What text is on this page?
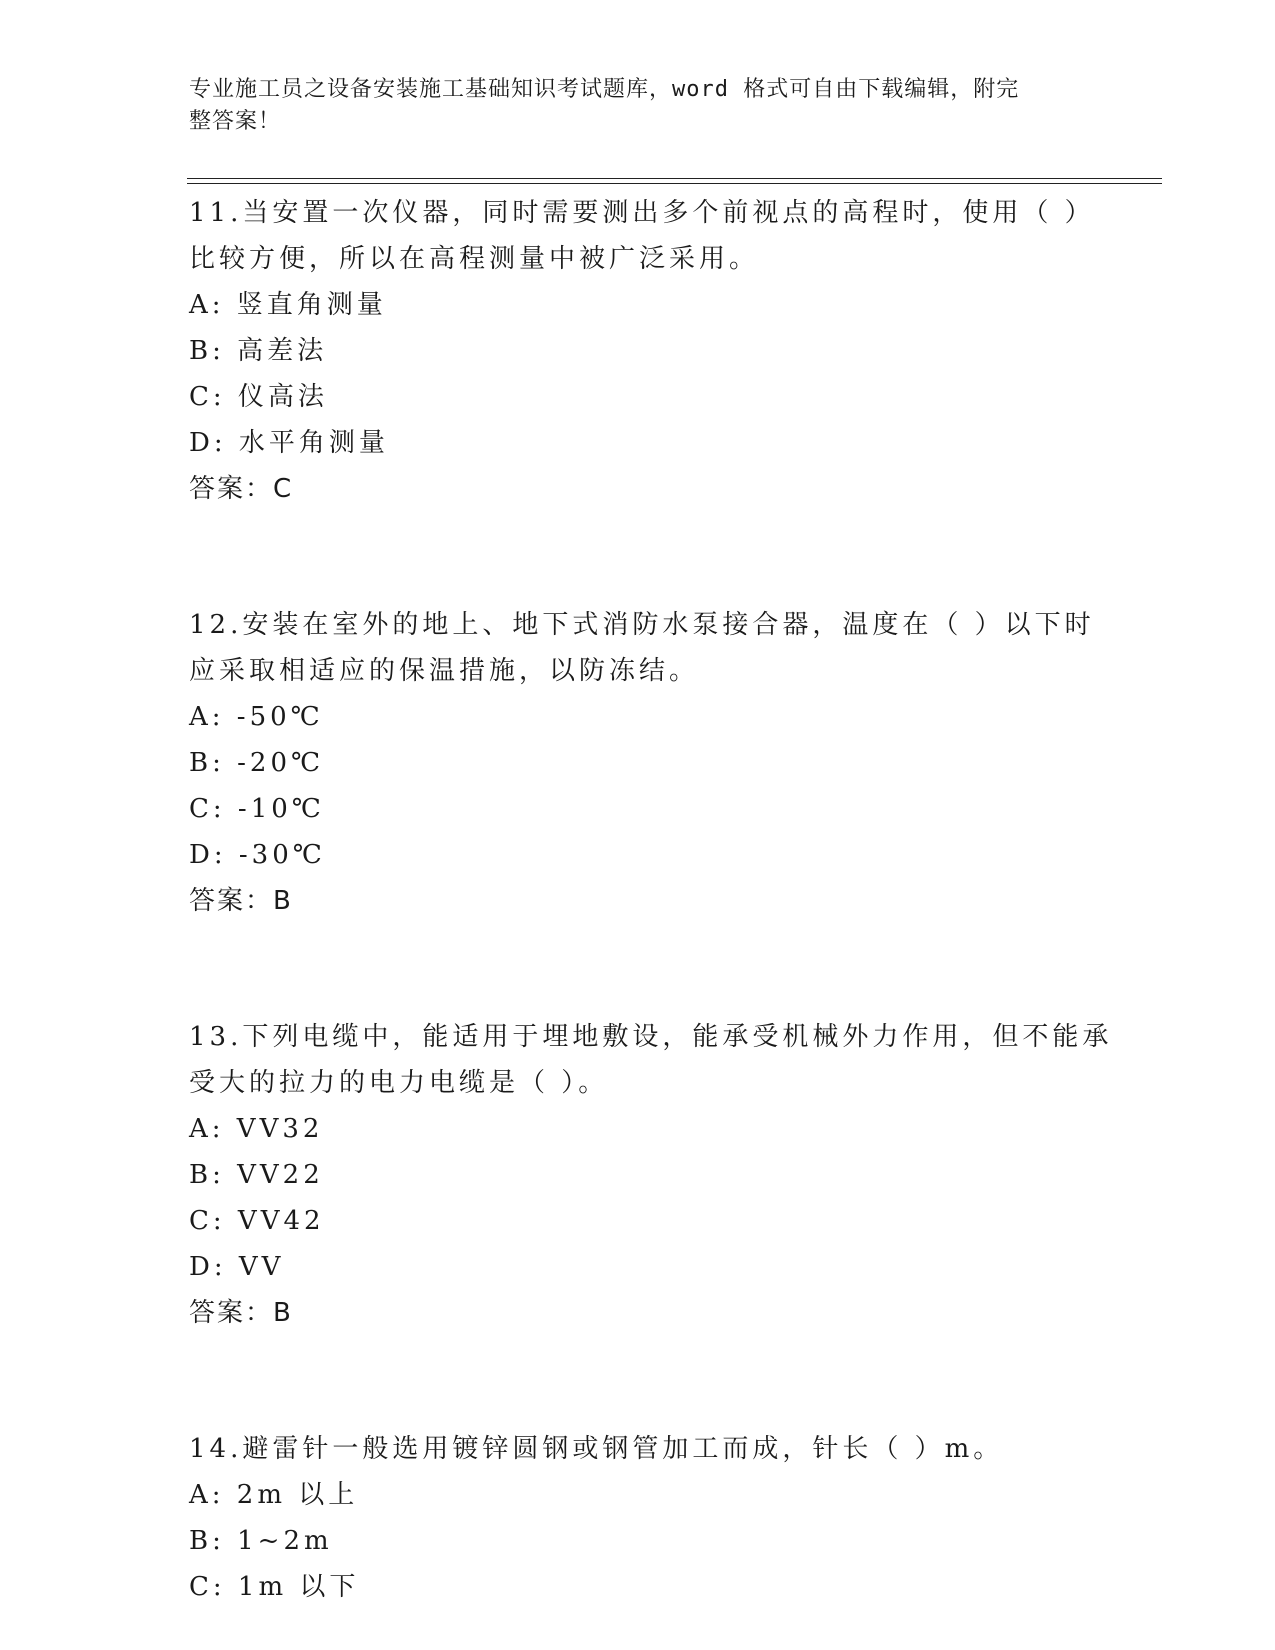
专业施工员之设备安装施工基础知识考试题库，word 格式可自由下载编辑，附完
整答案！
11.当安置一次仪器，同时需要测出多个前视点的高程时，使用（ ）
比较方便，所以在高程测量中被广泛采用。
A: 竖直角测量
B: 高差法
C: 仪高法
D: 水平角测量
答案：C
12.安装在室外的地上、地下式消防水泵接合器，温度在（ ）以下时
应采取相适应的保温措施，以防冻结。
A: -50℃
B: -20℃
C: -10℃
D: -30℃
答案：B
13.下列电缆中，能适用于埋地敷设，能承受机械外力作用，但不能承
受大的拉力的电力电缆是（ ）。
A: VV32
B: VV22
C: VV42
D: VV
答案：B
14.避雷针一般选用镀锌圆钢或钢管加工而成，针长（ ）m。
A: 2m 以上
B: 1~2m
C: 1m 以下
